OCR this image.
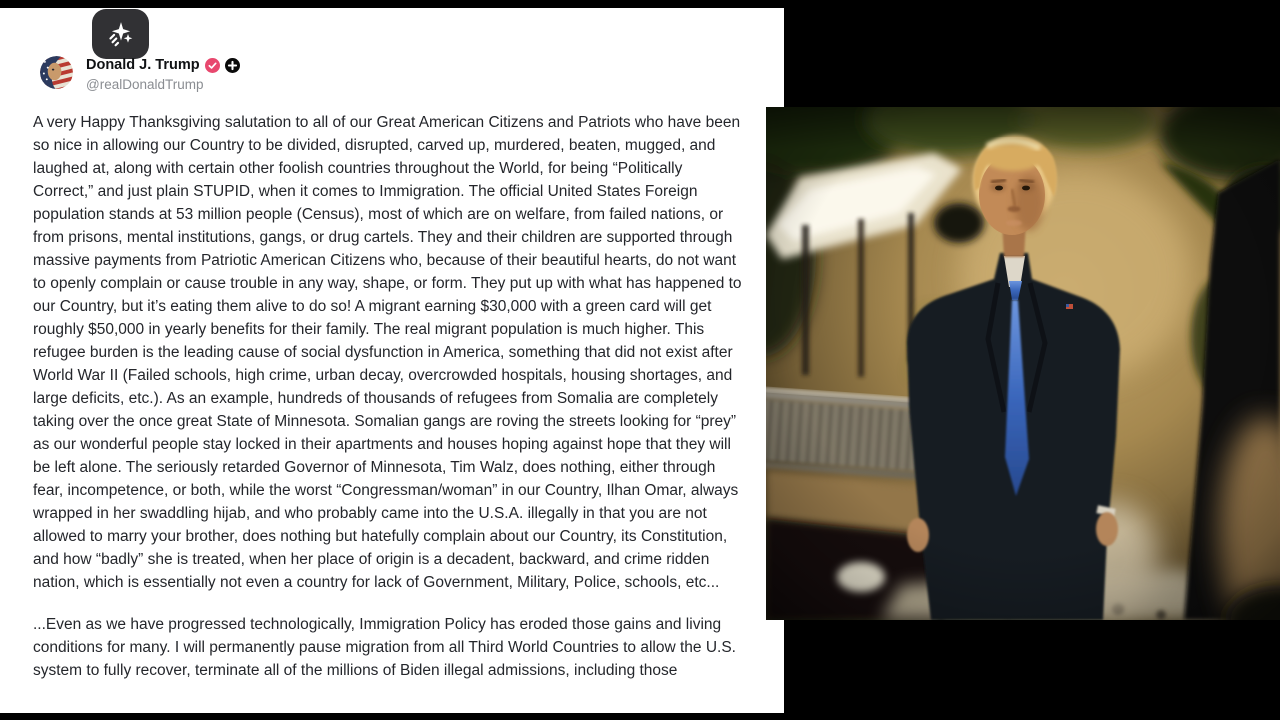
Donald J. Trump
@realDonaldTrump

A very Happy Thanksgiving salutation to all of our Great American Citizens and Patriots who have been so nice in allowing our Country to be divided, disrupted, carved up, murdered, beaten, mugged, and laughed at, along with certain other foolish countries throughout the World, for being “Politically Correct,” and just plain STUPID, when it comes to Immigration. The official United States Foreign population stands at 53 million people (Census), most of which are on welfare, from failed nations, or from prisons, mental institutions, gangs, or drug cartels. They and their children are supported through massive payments from Patriotic American Citizens who, because of their beautiful hearts, do not want to openly complain or cause trouble in any way, shape, or form. They put up with what has happened to our Country, but it’s eating them alive to do so! A migrant earning $30,000 with a green card will get roughly $50,000 in yearly benefits for their family. The real migrant population is much higher. This refugee burden is the leading cause of social dysfunction in America, something that did not exist after World War II (Failed schools, high crime, urban decay, overcrowded hospitals, housing shortages, and large deficits, etc.). As an example, hundreds of thousands of refugees from Somalia are completely taking over the once great State of Minnesota. Somalian gangs are roving the streets looking for “prey” as our wonderful people stay locked in their apartments and houses hoping against hope that they will be left alone. The seriously retarded Governor of Minnesota, Tim Walz, does nothing, either through fear, incompetence, or both, while the worst “Congressman/woman” in our Country, Ilhan Omar, always wrapped in her swaddling hijab, and who probably came into the U.S.A. illegally in that you are not allowed to marry your brother, does nothing but hatefully complain about our Country, its Constitution, and how “badly” she is treated, when her place of origin is a decadent, backward, and crime ridden nation, which is essentially not even a country for lack of Government, Military, Police, schools, etc...

...Even as we have progressed technologically, Immigration Policy has eroded those gains and living conditions for many. I will permanently pause migration from all Third World Countries to allow the U.S. system to fully recover, terminate all of the millions of Biden illegal admissions, including those
